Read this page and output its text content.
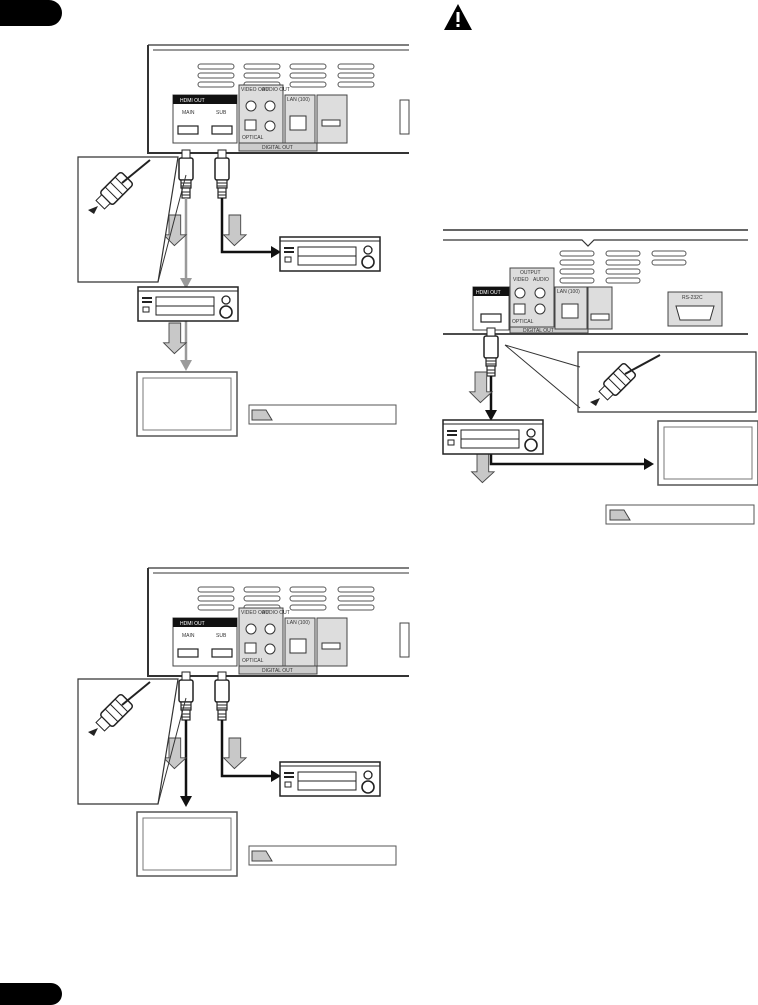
HDMI OUT
MAIN	SUB
VIDEO OUT
AUDIO OUT
OPTICAL
DIGITAL OUT
LAN (100)
HDMI OUT
MAIN	SUB
VIDEO OUT
AUDIO OUT
OPTICAL
DIGITAL OUT
LAN (100)
HDMI OUT
OUTPUT
VIDEO AUDIO
OPTICAL
DIGITAL OUT
LAN (100)
RS-232C
